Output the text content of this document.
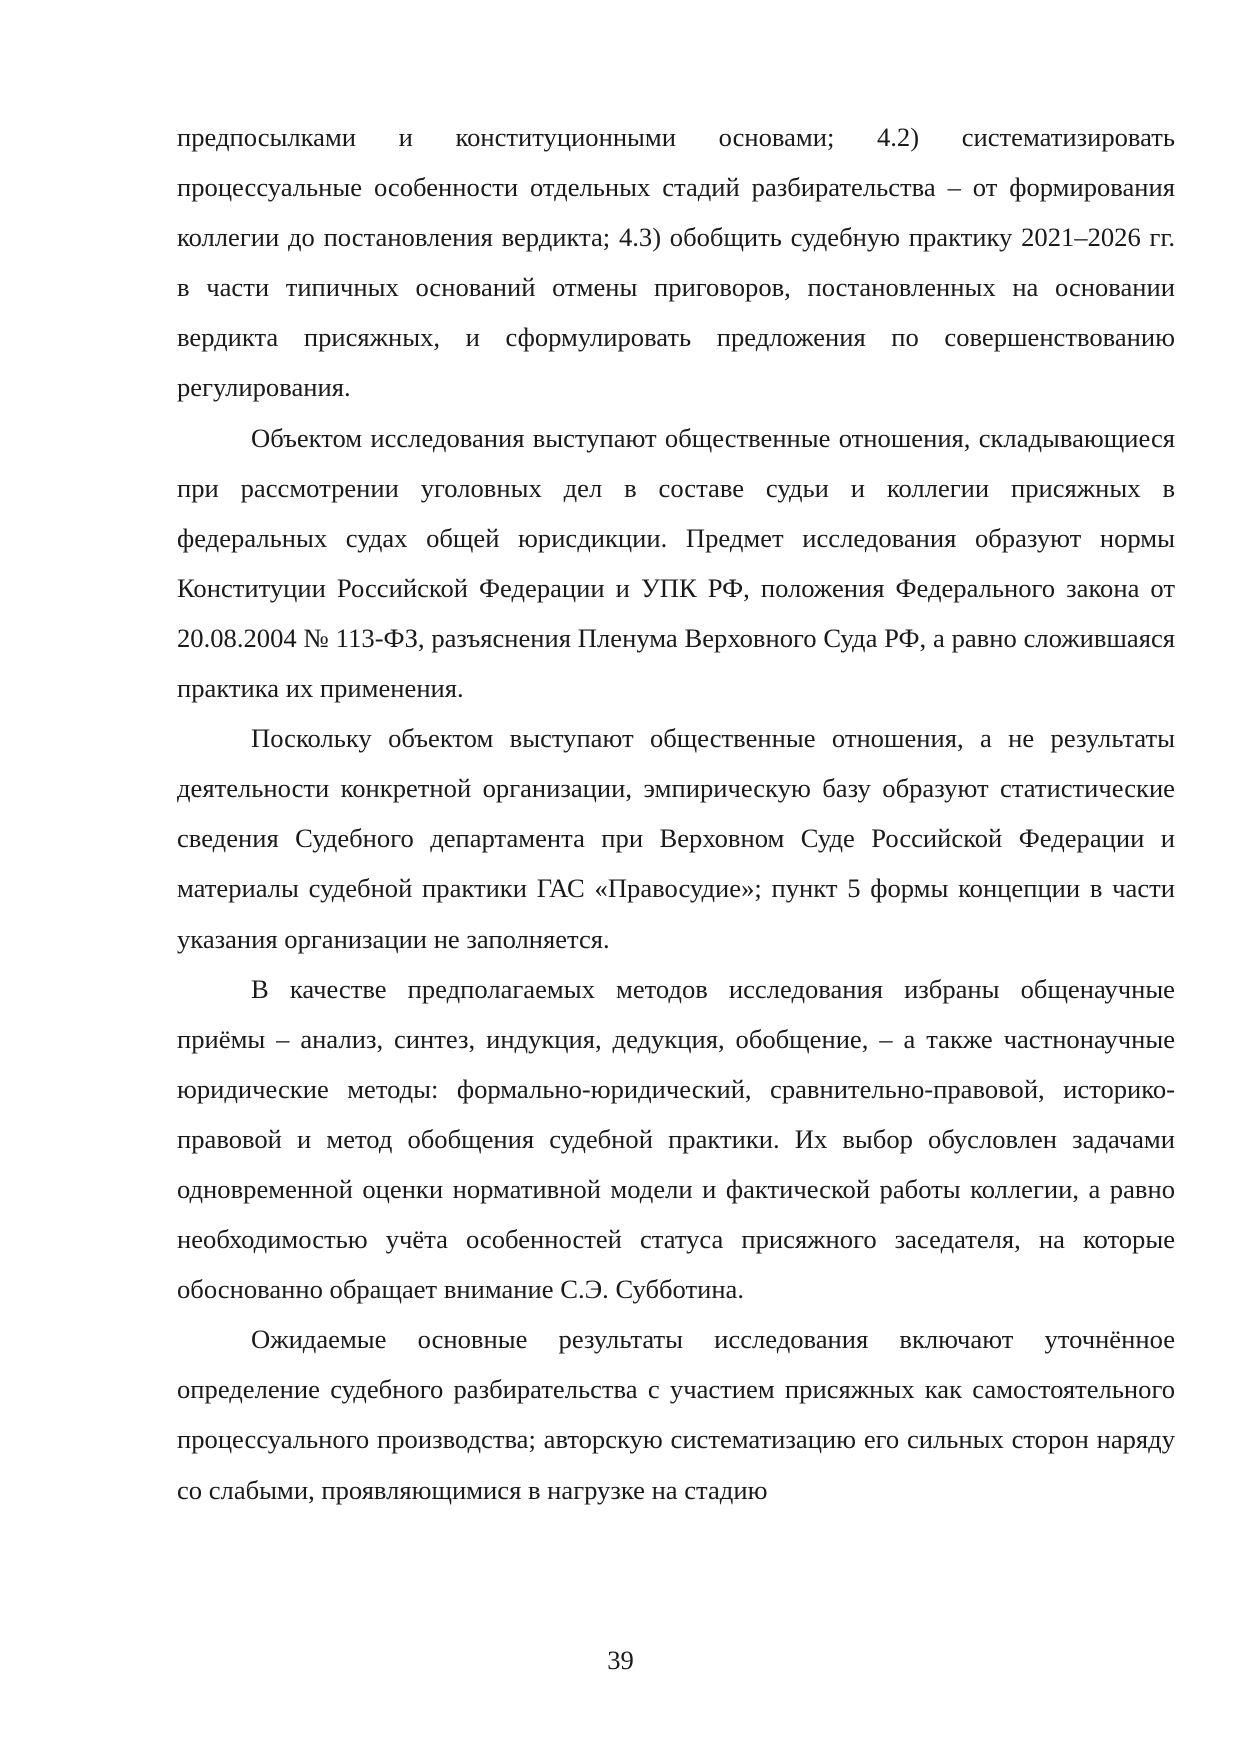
предпосылками и конституционными основами; 4.2) систематизировать процессуальные особенности отдельных стадий разбирательства – от формирования коллегии до постановления вердикта; 4.3) обобщить судебную практику 2021–2026 гг. в части типичных оснований отмены приговоров, постановленных на основании вердикта присяжных, и сформулировать предложения по совершенствованию регулирования.

Объектом исследования выступают общественные отношения, складывающиеся при рассмотрении уголовных дел в составе судьи и коллегии присяжных в федеральных судах общей юрисдикции. Предмет исследования образуют нормы Конституции Российской Федерации и УПК РФ, положения Федерального закона от 20.08.2004 № 113-ФЗ, разъяснения Пленума Верховного Суда РФ, а равно сложившаяся практика их применения.

Поскольку объектом выступают общественные отношения, а не результаты деятельности конкретной организации, эмпирическую базу образуют статистические сведения Судебного департамента при Верховном Суде Российской Федерации и материалы судебной практики ГАС «Правосудие»; пункт 5 формы концепции в части указания организации не заполняется.

В качестве предполагаемых методов исследования избраны общенаучные приёмы – анализ, синтез, индукция, дедукция, обобщение, – а также частнонаучные юридические методы: формально-юридический, сравнительно-правовой, историко-правовой и метод обобщения судебной практики. Их выбор обусловлен задачами одновременной оценки нормативной модели и фактической работы коллегии, а равно необходимостью учёта особенностей статуса присяжного заседателя, на которые обоснованно обращает внимание С.Э. Субботина.

Ожидаемые основные результаты исследования включают уточнённое определение судебного разбирательства с участием присяжных как самостоятельного процессуального производства; авторскую систематизацию его сильных сторон наряду со слабыми, проявляющимися в нагрузке на стадию

39
